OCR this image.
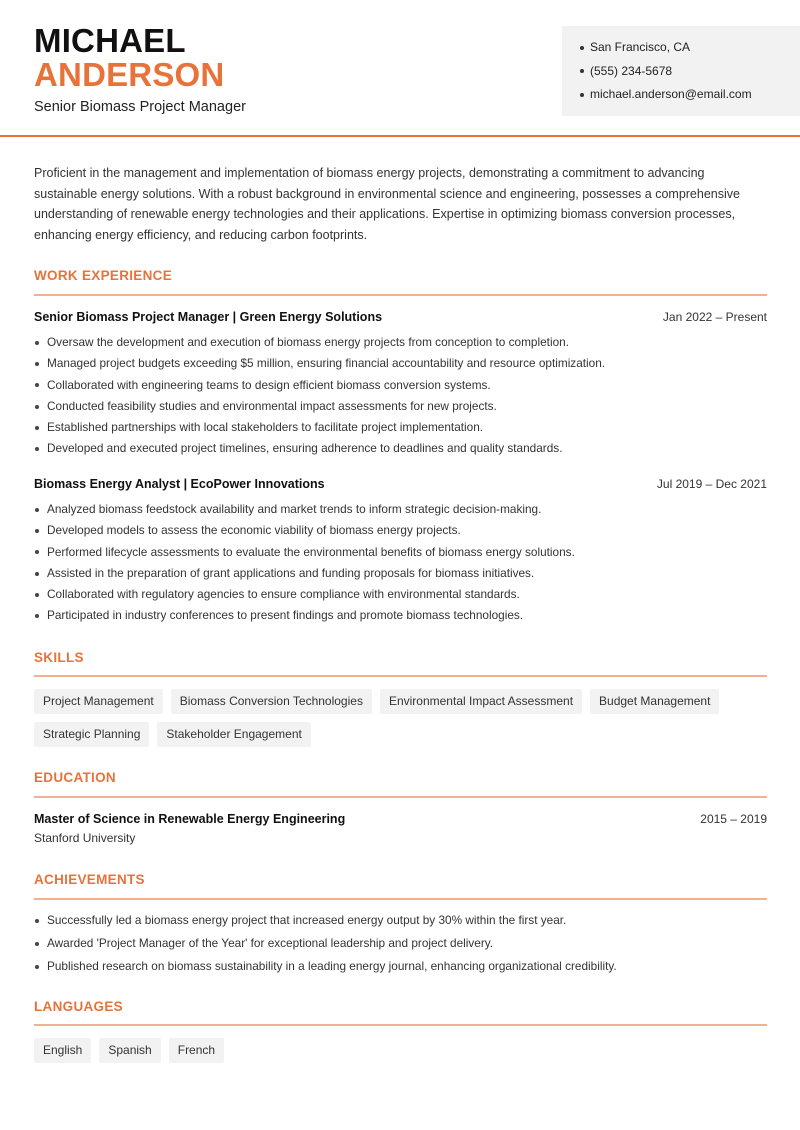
MICHAEL
ANDERSON
Senior Biomass Project Manager
San Francisco, CA
(555) 234-5678
michael.anderson@email.com

Proficient in the management and implementation of biomass energy projects, demonstrating a commitment to advancing sustainable energy solutions. With a robust background in environmental science and engineering, possesses a comprehensive understanding of renewable energy technologies and their applications. Expertise in optimizing biomass conversion processes, enhancing energy efficiency, and reducing carbon footprints.

WORK EXPERIENCE
Senior Biomass Project Manager | Green Energy Solutions	Jan 2022 – Present
Oversaw the development and execution of biomass energy projects from conception to completion.
Managed project budgets exceeding $5 million, ensuring financial accountability and resource optimization.
Collaborated with engineering teams to design efficient biomass conversion systems.
Conducted feasibility studies and environmental impact assessments for new projects.
Established partnerships with local stakeholders to facilitate project implementation.
Developed and executed project timelines, ensuring adherence to deadlines and quality standards.
Biomass Energy Analyst | EcoPower Innovations	Jul 2019 – Dec 2021
Analyzed biomass feedstock availability and market trends to inform strategic decision-making.
Developed models to assess the economic viability of biomass energy projects.
Performed lifecycle assessments to evaluate the environmental benefits of biomass energy solutions.
Assisted in the preparation of grant applications and funding proposals for biomass initiatives.
Collaborated with regulatory agencies to ensure compliance with environmental standards.
Participated in industry conferences to present findings and promote biomass technologies.
SKILLS
Project Management	Biomass Conversion Technologies	Environmental Impact Assessment	Budget Management
Strategic Planning	Stakeholder Engagement
EDUCATION
Master of Science in Renewable Energy Engineering	2015 – 2019
Stanford University
ACHIEVEMENTS
Successfully led a biomass energy project that increased energy output by 30% within the first year.
Awarded 'Project Manager of the Year' for exceptional leadership and project delivery.
Published research on biomass sustainability in a leading energy journal, enhancing organizational credibility.
LANGUAGES
English	Spanish	French
